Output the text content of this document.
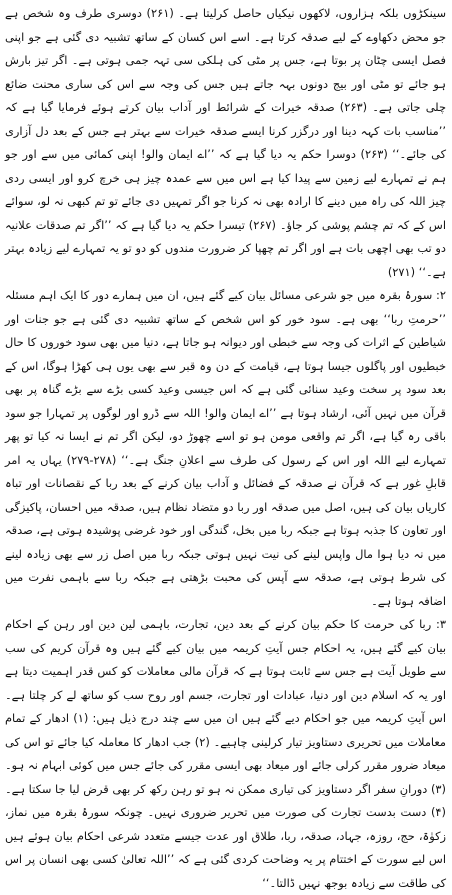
سینکڑوں بلکہ ہزاروں، لاکھوں نیکیاں حاصل کرلیتا ہے۔ (۲۶۱) دوسری طرف وہ شخص ہے جو محض دکھاوے کے لیے صدقہ کرتا ہے۔ اسے اس کسان کے ساتھ تشبیہ دی گئی ہے جو اپنی فصل ایسی چٹان پر بوتا ہے، جس پر مٹی کی ہلکی سی تہہ جمی ہوتی ہے۔ اگر تیز بارش ہو جائے تو مٹی اور بیج دونوں بہہ جاتے ہیں جس کی وجہ سے اس کی ساری محنت ضائع چلی جاتی ہے۔ (۲۶۳) صدقہ خیرات کے شرائط اور آداب بیان کرتے ہوئے فرمایا گیا ہے کہ ’’مناسب بات کہہ دینا اور درگزر کرنا ایسے صدقہ خیرات سے بہتر ہے جس کے بعد دل آزاری کی جائے۔‘‘ (۲۶۳) دوسرا حکم یہ دیا گیا ہے کہ ’’اے ایمان والو! اپنی کمائی میں سے اور جو ہم نے تمہارے لیے زمین سے پیدا کیا ہے اس میں سے عمدہ چیز ہی خرچ کرو اور ایسی ردی چیز اللہ کی راہ میں دینے کا ارادہ بھی نہ کرنا جو اگر تمہیں دی جائے تو تم کبھی نہ لو، سوائے اس کے کہ تم چشم پوشی کر جاؤ۔ (۲۶۷) تیسرا حکم یہ دیا گیا ہے کہ ’’اگر تم صدقات علانیہ دو تب بھی اچھی بات ہے اور اگر تم چھپا کر ضرورت مندوں کو دو تو یہ تمہارے لیے زیادہ بہتر ہے۔‘‘ (۲۷۱)

۲: سورۂ بقرہ میں جو شرعی مسائل بیان کیے گئے ہیں، ان میں ہمارے دور کا ایک اہم مسئلہ ’’حرمتِ ربا‘‘ بھی ہے۔ سود خور کو اس شخص کے ساتھ تشبیہ دی گئی ہے جو جنات اور شیاطین کے اثرات کی وجہ سے خبطی اور دیوانہ ہو جاتا ہے، دنیا میں بھی سود خوروں کا حال خبطیوں اور پاگلوں جیسا ہوتا ہے، قیامت کے دن وہ قبر سے بھی یوں ہی کھڑا ہوگا، اس کے بعد سود پر سخت وعید سنائی گئی ہے کہ اس جیسی وعید کسی بڑے سے بڑے گناہ پر بھی قرآن میں نہیں آئی، ارشاد ہوتا ہے ’’اے ایمان والو! اللہ سے ڈرو اور لوگوں پر تمہارا جو سود باقی رہ گیا ہے، اگر تم واقعی مومن ہو تو اسے چھوڑ دو، لیکن اگر تم نے ایسا نہ کیا تو پھر تمہارے لیے اللہ اور اس کے رسول کی طرف سے اعلانِ جنگ ہے۔‘‘ (۲۷۸-۲۷۹) یہاں یہ امر قابلِ غور ہے کہ قرآن نے صدقہ کے فضائل و آداب بیان کرنے کے بعد ربا کے نقصانات اور تباہ کاریاں بیان کی ہیں، اصل میں صدقہ اور ربا دو متضاد نظام ہیں، صدقہ میں احسان، پاکیزگی اور تعاون کا جذبہ ہوتا ہے جبکہ ربا میں بخل، گندگی اور خود غرضی پوشیدہ ہوتی ہے، صدقہ میں نہ دیا ہوا مال واپس لینے کی نیت نہیں ہوتی جبکہ ربا میں اصل زر سے بھی زیادہ لینے کی شرط ہوتی ہے، صدقہ سے آپس کی محبت بڑھتی ہے جبکہ ربا سے باہمی نفرت میں اضافہ ہوتا ہے۔

۳: ربا کی حرمت کا حکم بیان کرنے کے بعد دین، تجارت، باہمی لین دین اور رہن کے احکام بیان کیے گئے ہیں، یہ احکام جس آیتِ کریمہ میں بیان کیے گئے ہیں وہ قرآن کریم کی سب سے طویل آیت ہے جس سے ثابت ہوتا ہے کہ قرآن مالی معاملات کو کس قدر اہمیت دیتا ہے اور یہ کہ اسلام دین اور دنیا، عبادات اور تجارت، جسم اور روح سب کو ساتھ لے کر چلتا ہے۔ اس آیتِ کریمہ میں جو احکام دیے گئے ہیں ان میں سے چند درج ذیل ہیں: (۱) ادھار کے تمام معاملات میں تحریری دستاویز تیار کرلینی چاہیے۔ (۲) جب ادھار کا معاملہ کیا جائے تو اس کی میعاد ضرور مقرر کرلی جائے اور میعاد بھی ایسی مقرر کی جائے جس میں کوئی ابہام نہ ہو۔ (۳) دورانِ سفر اگر دستاویز کی تیاری ممکن نہ ہو تو رہن رکھ کر بھی قرض لیا جا سکتا ہے۔ (۴) دست بدست تجارت کی صورت میں تحریر ضروری نہیں۔ چونکہ سورۂ بقرہ میں نماز، زکوٰۃ، حج، روزہ، جہاد، صدقہ، ربا، طلاق اور عدت جیسے متعدد شرعی احکام بیان ہوئے ہیں اس لیے سورت کے اختتام پر یہ وضاحت کردی گئی ہے کہ ’’اللہ تعالیٰ کسی بھی انسان پر اس کی طاقت سے زیادہ بوجھ نہیں ڈالتا۔‘‘
